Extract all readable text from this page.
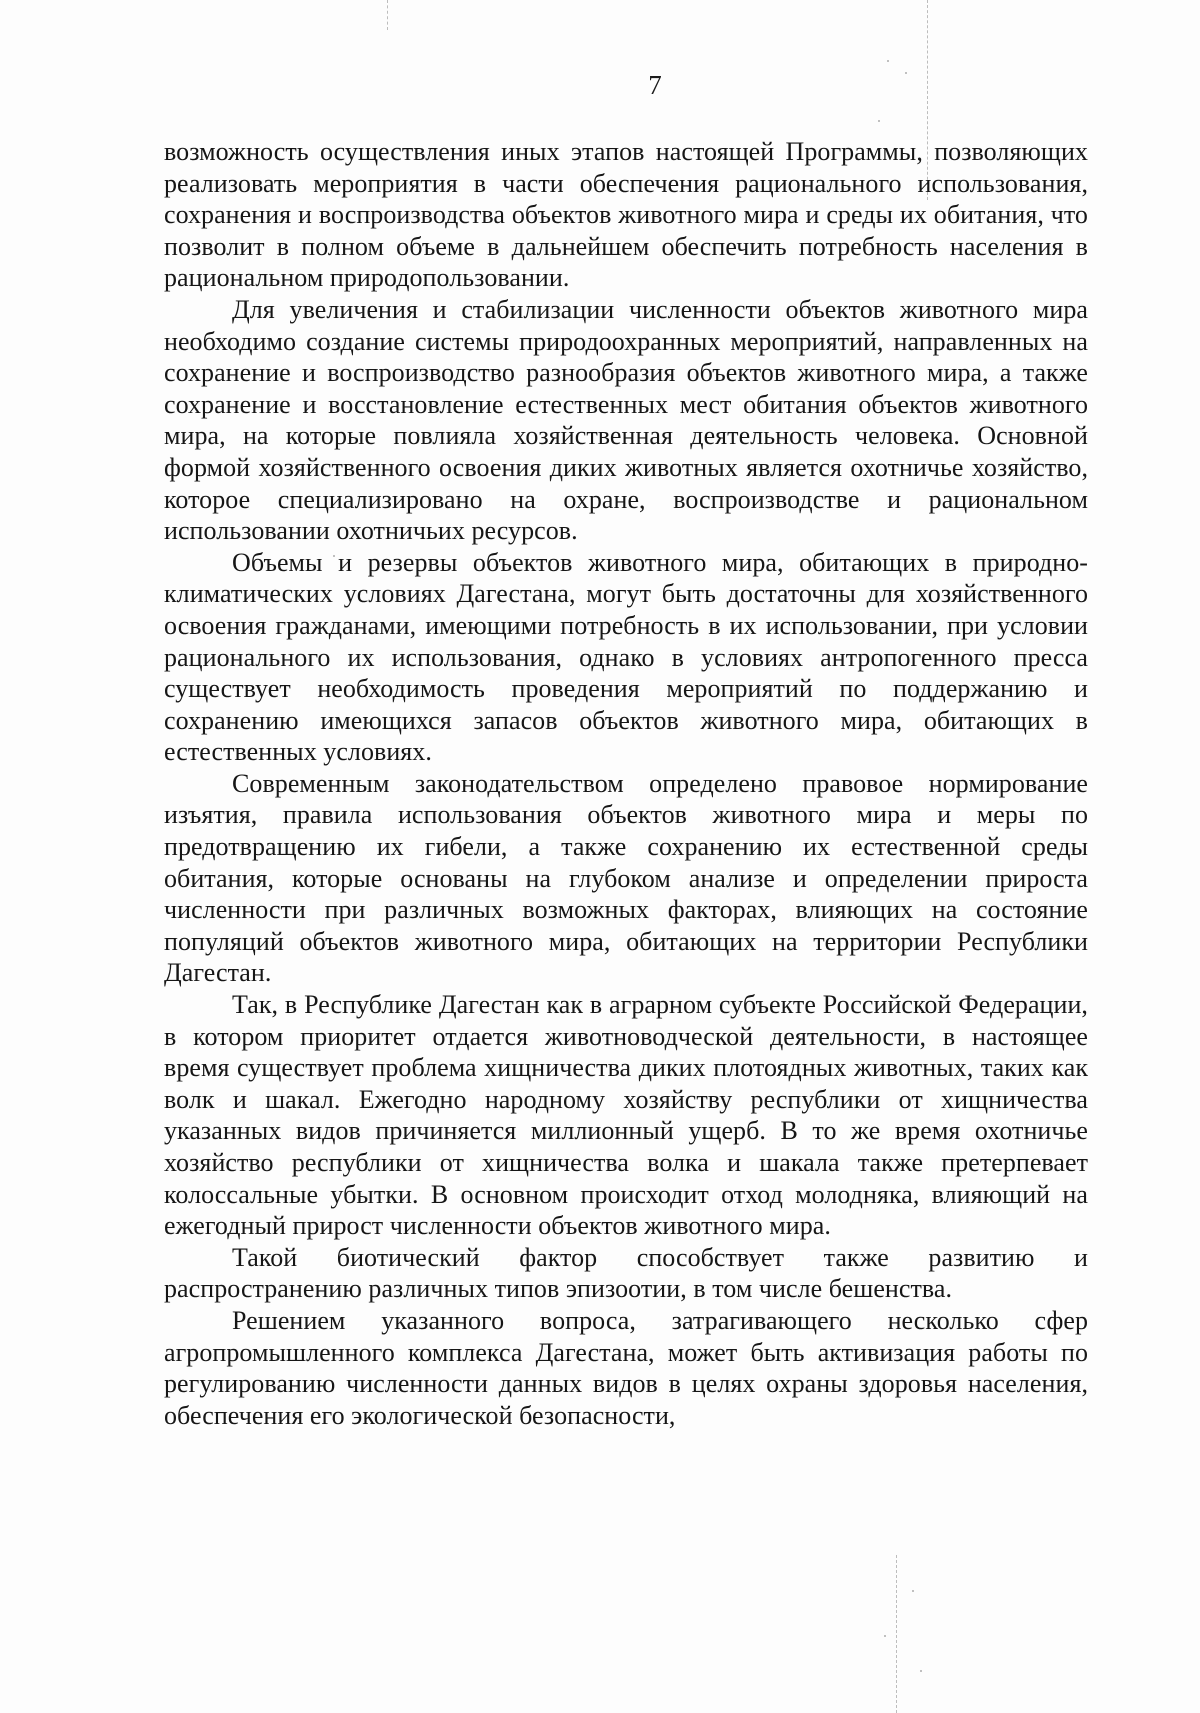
7

возможность осуществления иных этапов настоящей Программы, позволяющих реализовать мероприятия в части обеспечения рационального использования, сохранения и воспроизводства объектов животного мира и среды их обитания, что позволит в полном объеме в дальнейшем обеспечить потребность населения в рациональном природопользовании.

Для увеличения и стабилизации численности объектов животного мира необходимо создание системы природоохранных мероприятий, направленных на сохранение и воспроизводство разнообразия объектов животного мира, а также сохранение и восстановление естественных мест обитания объектов животного мира, на которые повлияла хозяйственная деятельность человека. Основной формой хозяйственного освоения диких животных является охотничье хозяйство, которое специализировано на охране, воспроизводстве и рациональном использовании охотничьих ресурсов.

Объемы и резервы объектов животного мира, обитающих в природно-климатических условиях Дагестана, могут быть достаточны для хозяйственного освоения гражданами, имеющими потребность в их использовании, при условии рационального их использования, однако в условиях антропогенного пресса существует необходимость проведения мероприятий по поддержанию и сохранению имеющихся запасов объектов животного мира, обитающих в естественных условиях.

Современным законодательством определено правовое нормирование изъятия, правила использования объектов животного мира и меры по предотвращению их гибели, а также сохранению их естественной среды обитания, которые основаны на глубоком анализе и определении прироста численности при различных возможных факторах, влияющих на состояние популяций объектов животного мира, обитающих на территории Республики Дагестан.

Так, в Республике Дагестан как в аграрном субъекте Российской Федерации, в котором приоритет отдается животноводческой деятельности, в настоящее время существует проблема хищничества диких плотоядных животных, таких как волк и шакал. Ежегодно народному хозяйству республики от хищничества указанных видов причиняется миллионный ущерб. В то же время охотничье хозяйство республики от хищничества волка и шакала также претерпевает колоссальные убытки. В основном происходит отход молодняка, влияющий на ежегодный прирост численности объектов животного мира.

Такой биотический фактор способствует также развитию и распространению различных типов эпизоотии, в том числе бешенства.

Решением указанного вопроса, затрагивающего несколько сфер агропромышленного комплекса Дагестана, может быть активизация работы по регулированию численности данных видов в целях охраны здоровья населения, обеспечения его экологической безопасности,
